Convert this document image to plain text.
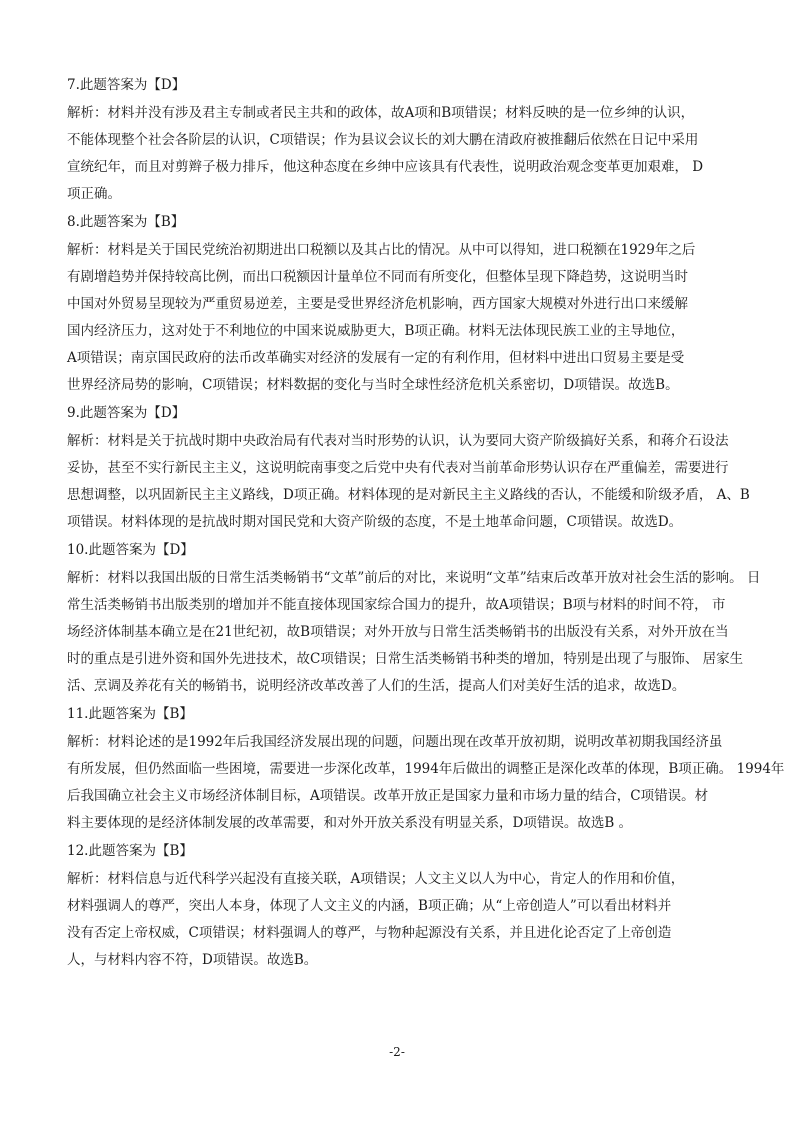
7.此题答案为【D】
解析：材料并没有涉及君主专制或者民主共和的政体，故A项和B项错误；材料反映的是一位乡绅的认识，
不能体现整个社会各阶层的认识，C项错误；作为县议会议长的刘大鹏在清政府被推翻后依然在日记中采用
宣统纪年，而且对剪辫子极力排斥，他这种态度在乡绅中应该具有代表性，说明政治观念变革更加艰难， D
项正确。
8.此题答案为【B】
解析：材料是关于国民党统治初期进出口税额以及其占比的情况。从中可以得知，进口税额在1929年之后
有剧增趋势并保持较高比例，而出口税额因计量单位不同而有所变化，但整体呈现下降趋势，这说明当时
中国对外贸易呈现较为严重贸易逆差，主要是受世界经济危机影响，西方国家大规模对外进行出口来缓解
国内经济压力，这对处于不利地位的中国来说威胁更大，B项正确。材料无法体现民族工业的主导地位，
A项错误；南京国民政府的法币改革确实对经济的发展有一定的有利作用，但材料中进出口贸易主要是受
世界经济局势的影响，C项错误；材料数据的变化与当时全球性经济危机关系密切，D项错误。故选B。
9.此题答案为【D】
解析：材料是关于抗战时期中央政治局有代表对当时形势的认识，认为要同大资产阶级搞好关系，和蒋介石设法
妥协，甚至不实行新民主主义，这说明皖南事变之后党中央有代表对当前革命形势认识存在严重偏差，需要进行
思想调整，以巩固新民主主义路线，D项正确。材料体现的是对新民主主义路线的否认，不能缓和阶级矛盾， A、B
项错误。材料体现的是抗战时期对国民党和大资产阶级的态度，不是土地革命问题，C项错误。故选D。
10.此题答案为【D】
解析：材料以我国出版的日常生活类畅销书“文革”前后的对比，来说明“文革”结束后改革开放对社会生活的影响。 日
常生活类畅销书出版类别的增加并不能直接体现国家综合国力的提升，故A项错误；B项与材料的时间不符， 市
场经济体制基本确立是在21世纪初，故B项错误；对外开放与日常生活类畅销书的出版没有关系，对外开放在当
时的重点是引进外资和国外先进技术，故C项错误；日常生活类畅销书种类的增加，特别是出现了与服饰、 居家生
活、烹调及养花有关的畅销书，说明经济改革改善了人们的生活，提高人们对美好生活的追求，故选D。
11.此题答案为【B】
解析：材料论述的是1992年后我国经济发展出现的问题，问题出现在改革开放初期，说明改革初期我国经济虽
有所发展，但仍然面临一些困境，需要进一步深化改革，1994年后做出的调整正是深化改革的体现，B项正确。 1994年
后我国确立社会主义市场经济体制目标，A项错误。改革开放正是国家力量和市场力量的结合，C项错误。材
料主要体现的是经济体制发展的改革需要，和对外开放关系没有明显关系，D项错误。故选B 。
12.此题答案为【B】
解析：材料信息与近代科学兴起没有直接关联，A项错误；人文主义以人为中心，肯定人的作用和价值，
材料强调人的尊严，突出人本身，体现了人文主义的内涵，B项正确；从“上帝创造人”可以看出材料并
没有否定上帝权威，C项错误；材料强调人的尊严，与物种起源没有关系，并且进化论否定了上帝创造
人，与材料内容不符，D项错误。故选B。
-2-
